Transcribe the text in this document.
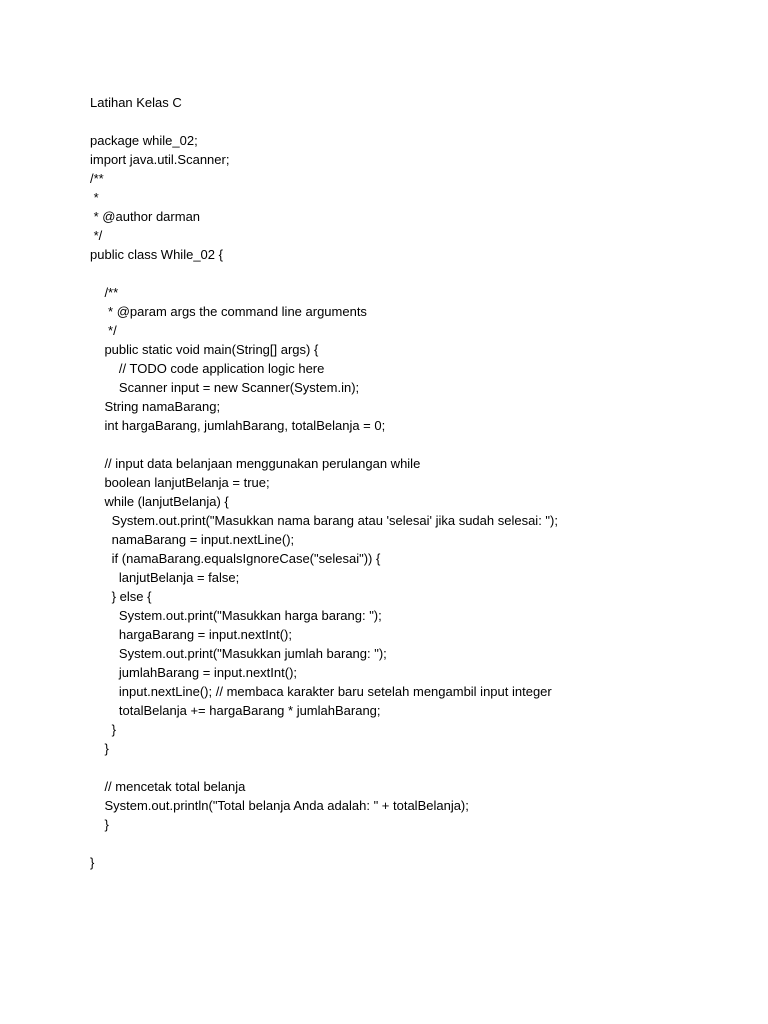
Latihan Kelas C
package while_02;
import java.util.Scanner;
/**
*
* @author darman
*/
public class While_02 {
/**
* @param args the command line arguments
*/
public static void main(String[] args) {
// TODO code application logic here
Scanner input = new Scanner(System.in);
String namaBarang;
int hargaBarang, jumlahBarang, totalBelanja = 0;
// input data belanjaan menggunakan perulangan while
boolean lanjutBelanja = true;
while (lanjutBelanja) {
System.out.print("Masukkan nama barang atau 'selesai' jika sudah selesai: ");
namaBarang = input.nextLine();
if (namaBarang.equalsIgnoreCase("selesai")) {
lanjutBelanja = false;
} else {
System.out.print("Masukkan harga barang: ");
hargaBarang = input.nextInt();
System.out.print("Masukkan jumlah barang: ");
jumlahBarang = input.nextInt();
input.nextLine(); // membaca karakter baru setelah mengambil input integer
totalBelanja += hargaBarang * jumlahBarang;
}
}
// mencetak total belanja
System.out.println("Total belanja Anda adalah: " + totalBelanja);
}
}
